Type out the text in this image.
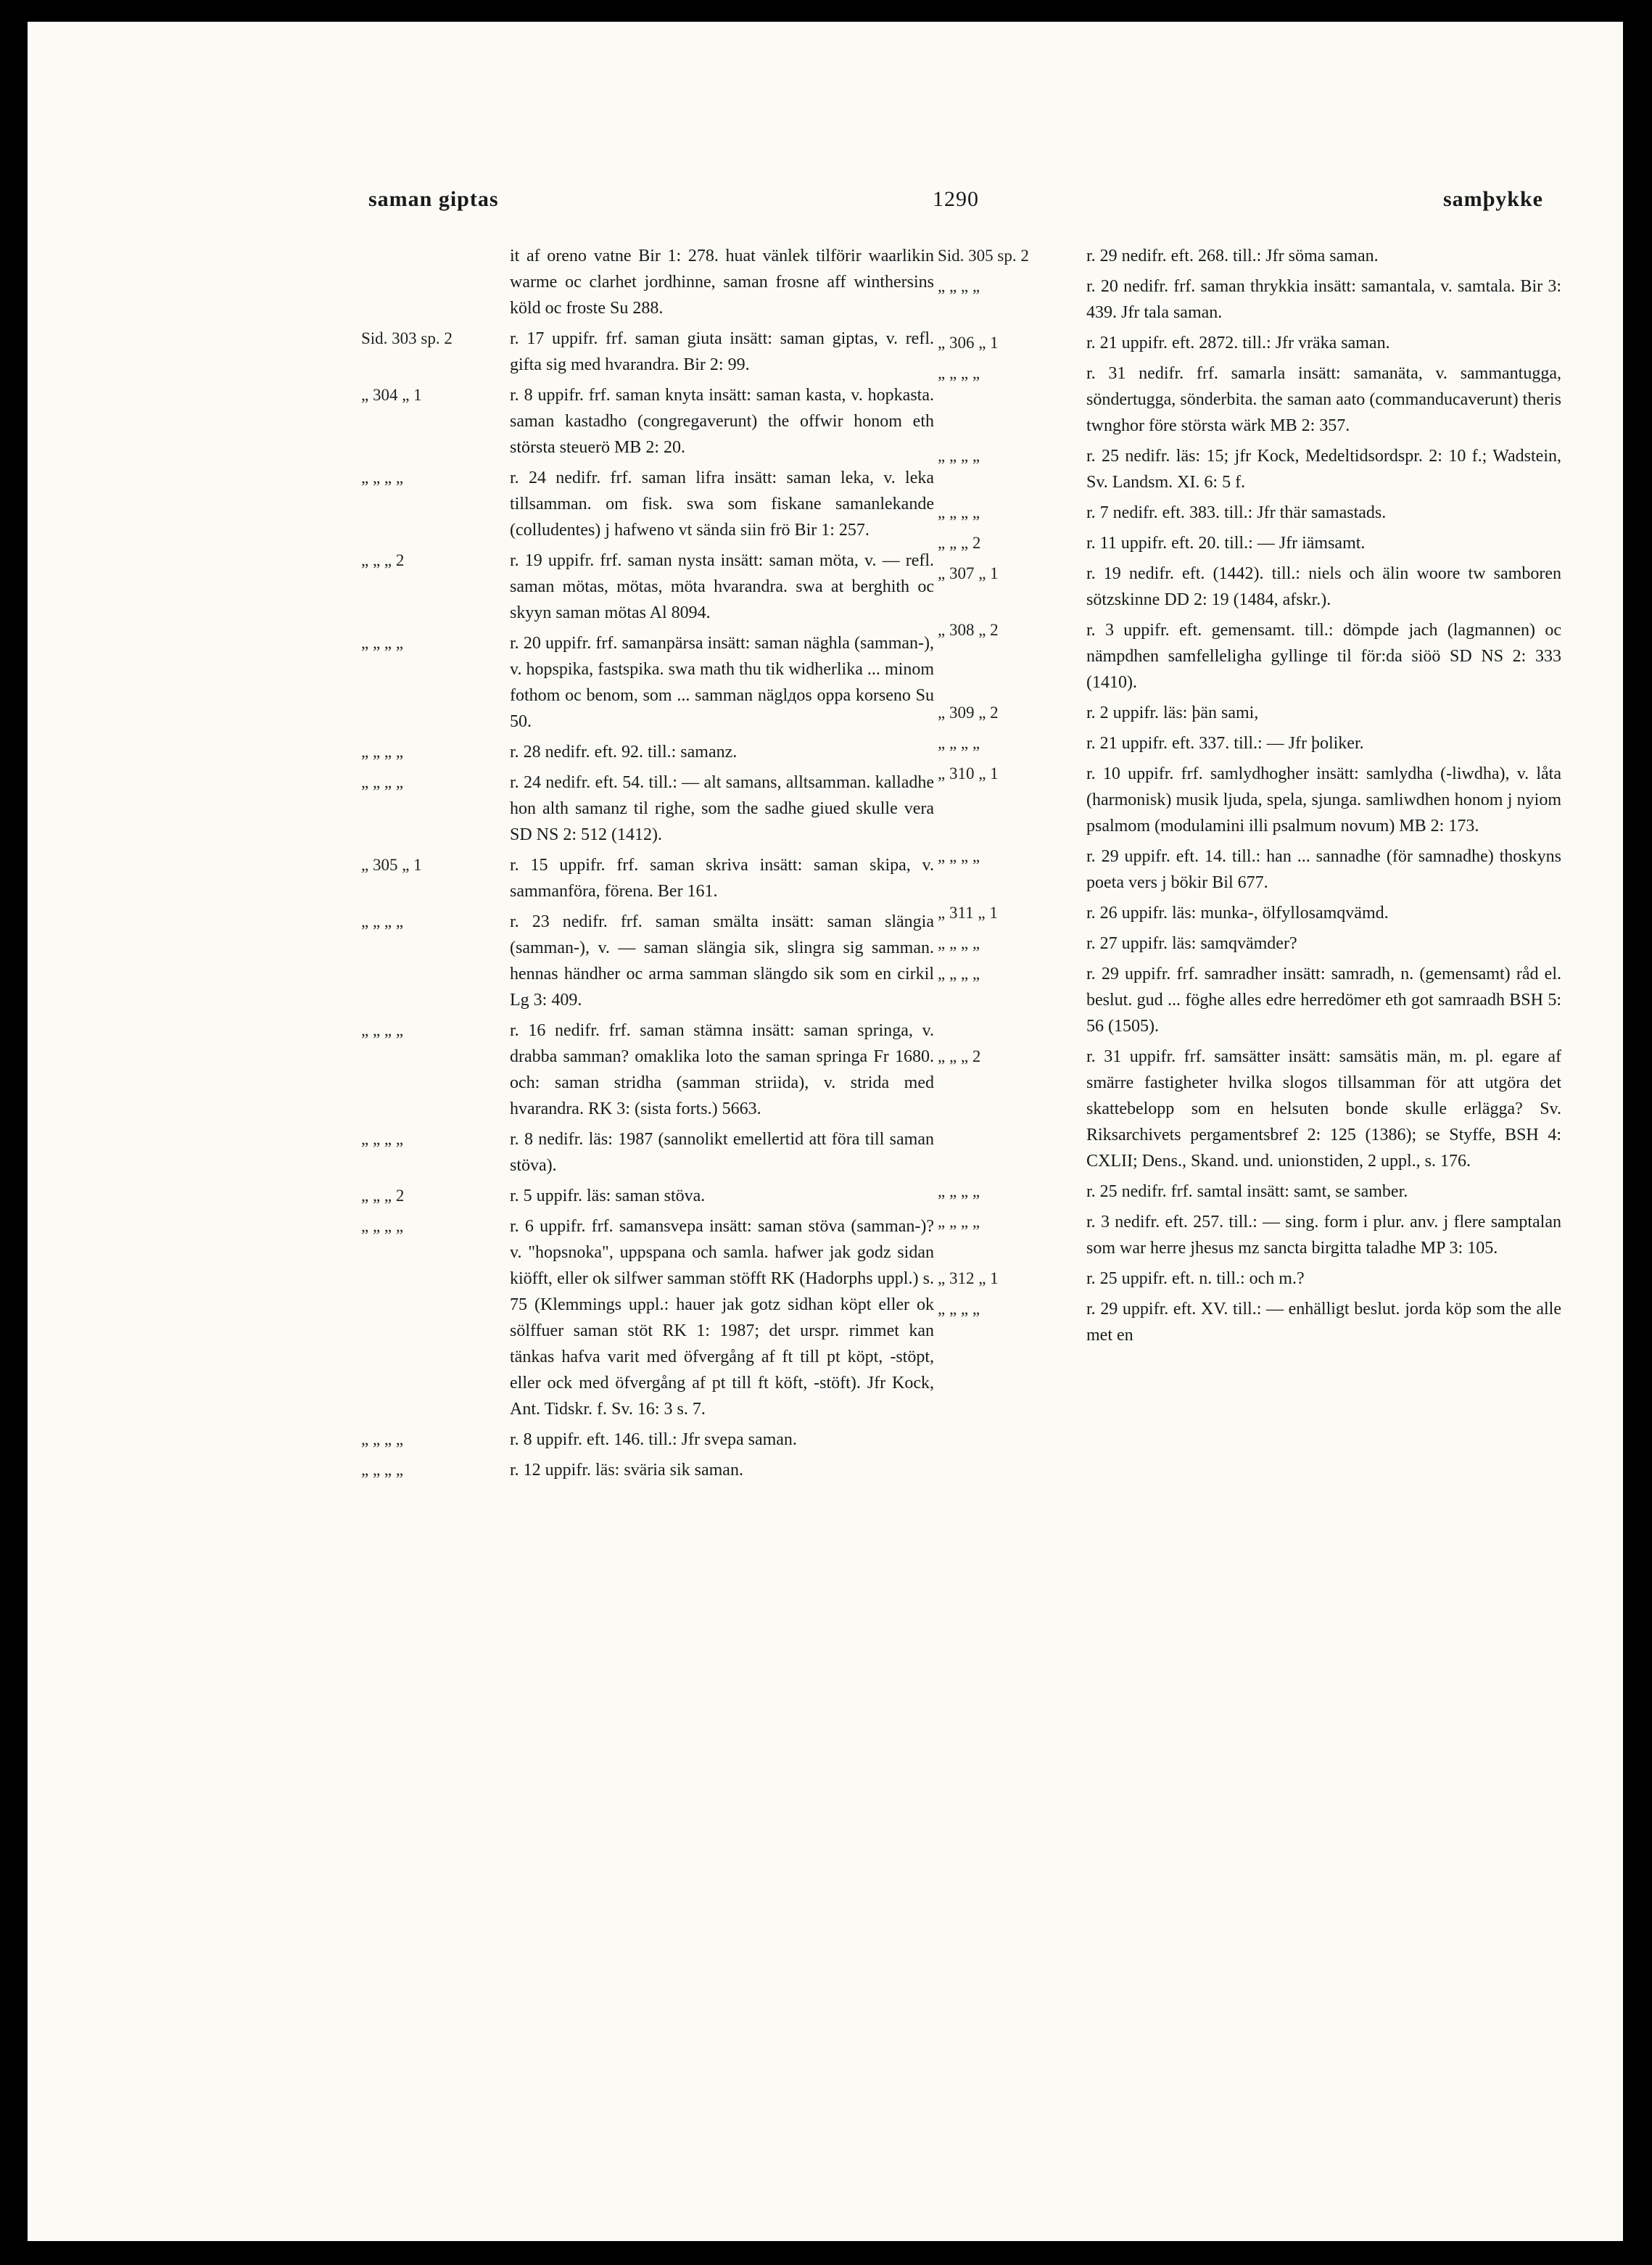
saman giptas	1290	samþykke
it af oreno vatne Bir 1: 278. huat vänlek tilförir waarlikin warme oc clarhet jordhinne, saman frosne aff winthersins köld oc froste Su 288.
Sid. 303 sp. 2	r. 17 uppifr. frf. saman giuta insätt: saman giptas, v. refl. gifta sig med hvarandra. Bir 2: 99.
„ 304 „ 1	r. 8 uppifr. frf. saman knyta insätt: saman kasta, v. hopkasta. saman kastadho (congregaverunt) the offwir honom eth största steuerö MB 2: 20.
„ „ „ „	r. 24 nedifr. frf. saman lifra insätt: saman leka, v. leka tillsamman. om fisk. swa som fiskane samanlekande (colludentes) j hafweno vt sända siin frö Bir 1: 257.
„ „ „ 2	r. 19 uppifr. frf. saman nysta insätt: saman möta, v. — refl. saman mötas, mötas, möta hvarandra. swa at berghith oc skyyn saman mötas Al 8094.
„ „ „ „	r. 20 uppifr. frf. samanpärsa insätt: saman näghla (samman-), v. hopspika, fastspika. swa math thu tik widherlika ... minom fothom oc benom, som ... samman näglдos oppa korseno Su 50.
„ „ „ „	r. 28 nedifr. eft. 92. till.: samanz.
„ „ „ „	r. 24 nedifr. eft. 54. till.: — alt samans, alltsamman. kalladhe hon alth samanz til righe, som the sadhe giued skulle vera SD NS 2: 512 (1412).
„ 305 „ 1	r. 15 uppifr. frf. saman skriva insätt: saman skipa, v. sammanföra, förena. Ber 161.
„ „ „ „	r. 23 nedifr. frf. saman smälta insätt: saman slängia (samman-), v. — saman slängia sik, slingra sig samman. hennas händher oc arma samman slängdo sik som en cirkil Lg 3: 409.
„ „ „ „	r. 16 nedifr. frf. saman stämna insätt: saman springa, v. drabba samman? omaklika loto the saman springa Fr 1680. och: saman stridha (samman striida), v. strida med hvarandra. RK 3: (sista forts.) 5663.
„ „ „ „	r. 8 nedifr. läs: 1987 (sannolikt emellertid att föra till saman stöva).
„ „ „ 2	r. 5 uppifr. läs: saman stöva.
„ „ „ „	r. 6 uppifr. frf. samansvepa insätt: saman stöva (samman-)? v. "hopsnoka", uppspana och samla. hafwer jak godz sidan kiöfft, eller ok silfwer samman stöfft RK (Hadorphs uppl.) s. 75 (Klemmings uppl.: hauer jak gotz sidhan köpt eller ok sölffuer saman stöt RK 1: 1987; det urspr. rimmet kan tänkas hafva varit med öfvergång af ft till pt köpt, -stöpt, eller ock med öfvergång af pt till ft köft, -stöft). Jfr Kock, Ant. Tidskr. f. Sv. 16: 3 s. 7.
„ „ „ „	r. 8 uppifr. eft. 146. till.: Jfr svepa saman.
„ „ „ „	r. 12 uppifr. läs: sväria sik saman.
Sid. 305 sp. 2	r. 29 nedifr. eft. 268. till.: Jfr söma saman.
„ „ „ „	r. 20 nedifr. frf. saman thrykkia insätt: samantala, v. samtala. Bir 3: 439. Jfr tala saman.
„ 306 „ 1	r. 21 uppifr. eft. 2872. till.: Jfr vräka saman.
„ „ „ „	r. 31 nedifr. frf. samarla insätt: samanäta, v. sammantugga, söndertugga, sönderbita. the saman aato (commanducaverunt) theris twnghor före största wärk MB 2: 357.
„ „ „ „	r. 25 nedifr. läs: 15; jfr Kock, Medeltidsordspr. 2: 10 f.; Wadstein, Sv. Landsm. XI. 6: 5 f.
„ „ „ „	r. 7 nedifr. eft. 383. till.: Jfr thär samastads.
„ „ „ 2	r. 11 uppifr. eft. 20. till.: — Jfr iämsamt.
„ 307 „ 1	r. 19 nedifr. eft. (1442). till.: niels och älin woore tw samboren sötzskinne DD 2: 19 (1484, afskr.).
„ 308 „ 2	r. 3 uppifr. eft. gemensamt. till.: dömpde jach (lagmannen) oc nämpdhen samfelleligha gyllinge til för:da siöö SD NS 2: 333 (1410).
„ 309 „ 2	r. 2 uppifr. läs: þän sami,
„ „ „ „	r. 21 uppifr. eft. 337. till.: — Jfr þoliker.
„ 310 „ 1	r. 10 uppifr. frf. samlydhogher insätt: samlydha (-liwdha), v. låta (harmonisk) musik ljuda, spela, sjunga. samliwdhen honom j nyiom psalmom (modulamini illi psalmum novum) MB 2: 173.
„ „ „ „	r. 29 uppifr. eft. 14. till.: han ... sannadhe (för samnadhe) thoskyns poeta vers j bökir Bil 677.
„ 311 „ 1	r. 26 uppifr. läs: munka-, ölfyllosamqvämd.
„ „ „ „	r. 27 uppifr. läs: samqvämder?
„ „ „ „	r. 29 uppifr. frf. samradher insätt: samradh, n. (gemensamt) råd el. beslut. gud ... föghe alles edre herredömer eth got samraadh BSH 5: 56 (1505).
„ „ „ 2	r. 31 uppifr. frf. samsätter insätt: samsätis män, m. pl. egare af smärre fastigheter hvilka slogos tillsamman för att utgöra det skattebelopp som en helsuten bonde skulle erlägga? Sv. Riksarchivets pergamentsbref 2: 125 (1386); se Styffe, BSH 4: CXLII; Dens., Skand. und. unionstiden, 2 uppl., s. 176.
„ „ „ „	r. 25 nedifr. frf. samtal insätt: samt, se samber.
„ „ „ „	r. 3 nedifr. eft. 257. till.: — sing. form i plur. anv. j flere samptalan som war herre jhesus mz sancta birgitta taladhe MP 3: 105.
„ 312 „ 1	r. 25 uppifr. eft. n. till.: och m.?
„ „ „ „	r. 29 uppifr. eft. XV. till.: — enhälligt beslut. jorda köp som the alle met en
